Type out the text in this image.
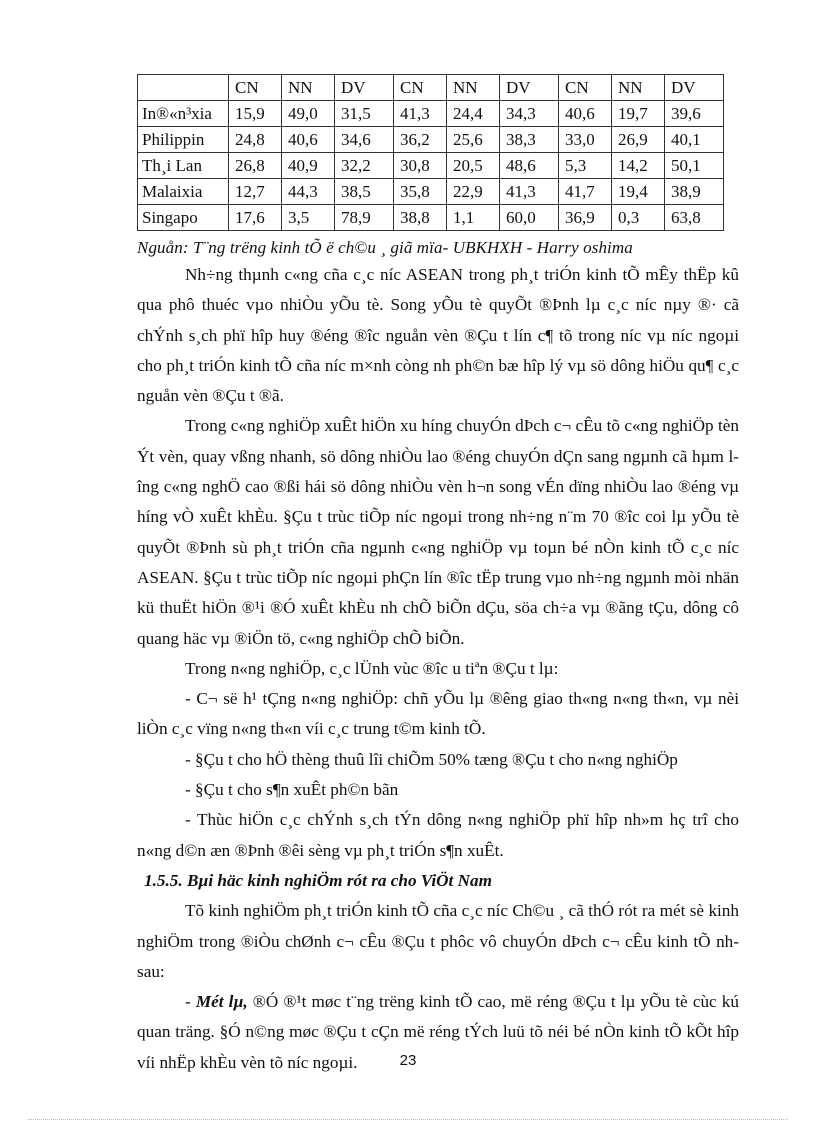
	CN	NN	DV	CN	NN	DV	CN	NN	DV
In®«n³xia	15,9	49,0	31,5	41,3	24,4	34,3	40,6	19,7	39,6
Philippin	24,8	40,6	34,6	36,2	25,6	38,3	33,0	26,9	40,1
Th¸i Lan	26,8	40,9	32,2	30,8	20,5	48,6	5,3	14,2	50,1
Malaixia	12,7	44,3	38,5	35,8	22,9	41,3	41,7	19,4	38,9
Singapo	17,6	3,5	78,9	38,8	1,1	60,0	36,9	0,3	63,8
Nguån: T¨ng trëng kinh tÕ ë ch©u ¸ giã mïa- UBKHXH - Harry oshima

Nh÷ng thµnh c«ng cña c¸c níc ASEAN trong ph¸t triÓn kinh tÕ mÊy thËp kû qua phô thuéc vµo nhiÒu yÕu tè. Song yÕu tè quyÕt ®Þnh lµ c¸c níc nµy ®· cã chÝnh s¸ch phï hîp huy ®éng ®îc nguån vèn ®Çu t lín c¶ tõ trong níc vµ níc ngoµi cho ph¸t triÓn kinh tÕ cña níc m×nh còng nh ph©n bæ hîp lý vµ sö dông hiÖu qu¶ c¸c nguån vèn ®Çu t ®ã.

Trong c«ng nghiÖp xuÊt hiÖn xu híng chuyÓn dÞch c¬ cÊu tõ c«ng nghiÖp tèn Ýt vèn, quay vßng nhanh, sö dông nhiÒu lao ®éng chuyÓn dÇn sang ngµnh cã hµm lîng c«ng nghÖ cao ®ßi hái sö dông nhiÒu vèn h¬n song vÉn dïng nhiÒu lao ®éng vµ híng vÒ xuÊt khÈu. §Çu t trùc tiÕp níc ngoµi trong nh÷ng n¨m 70 ®îc coi lµ yÕu tè quyÕt ®Þnh sù ph¸t triÓn cña ngµnh c«ng nghiÖp vµ toµn bé nÒn kinh tÕ c¸c níc ASEAN. §Çu t trùc tiÕp níc ngoµi phÇn lín ®îc tËp trung vµo nh÷ng ngµnh mòi nhän kü thuËt hiÖn ®¹i ®Ó xuÊt khÈu nh chÕ biÕn dÇu, söa ch÷a vµ ®ãng tÇu, dông cô quang häc vµ ®iÖn tö, c«ng nghiÖp chÕ biÕn.

Trong n«ng nghiÖp, c¸c lÜnh vùc ®îc u tiªn ®Çu t lµ:

- C¬ së h¹ tÇng n«ng nghiÖp: chñ yÕu lµ ®êng giao th«ng n«ng th«n, vµ nèi liÒn c¸c vïng n«ng th«n víi c¸c trung t©m kinh tÕ.

- §Çu t cho hÖ thèng thuû lîi chiÕm 50% tæng ®Çu t cho n«ng nghiÖp

- §Çu t cho s¶n xuÊt ph©n bãn

- Thùc hiÖn c¸c chÝnh s¸ch tÝn dông n«ng nghiÖp phï hîp nh»m hç trî cho n«ng d©n æn ®Þnh ®êi sèng vµ ph¸t triÓn s¶n xuÊt.

1.5.5. Bµi häc kinh nghiÖm rót ra cho ViÖt Nam

Tõ kinh nghiÖm ph¸t triÓn kinh tÕ cña c¸c níc Ch©u ¸ cã thÓ rót ra mét sè kinh nghiÖm trong ®iÒu chØnh c¬ cÊu ®Çu t phôc vô chuyÓn dÞch c¬ cÊu kinh tÕ nh sau:

- Mét lµ, ®Ó ®¹t møc t¨ng trëng kinh tÕ cao, më réng ®Çu t lµ yÕu tè cùc kú quan träng. §Ó n©ng møc ®Çu t cÇn më réng tÝch luü tõ néi bé nÒn kinh tÕ kÕt hîp víi nhËp khÈu vèn tõ níc ngoµi.	23
